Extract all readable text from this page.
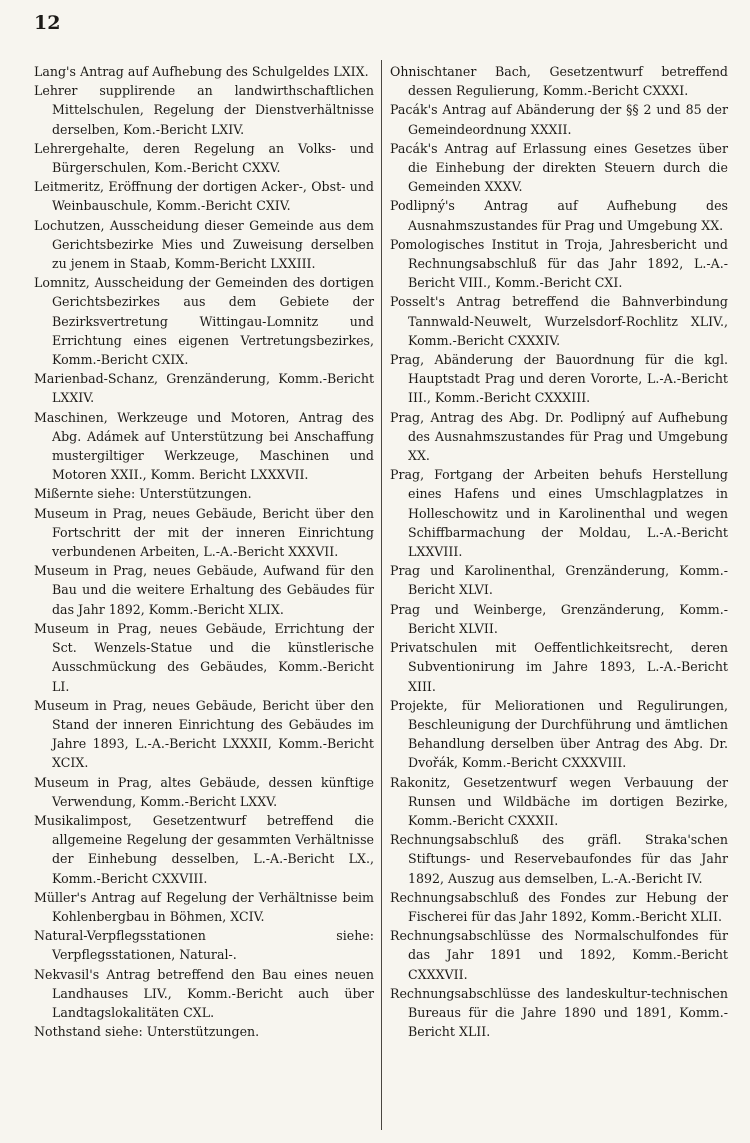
12

Lang's Antrag auf Aufhebung des Schulgeldes LXIX.

Lehrer supplirende an landwirthschaftlichen Mittelschulen, Regelung der Dienstverhältnisse derselben, Kom.-Bericht LXIV.

Lehrergehalte, deren Regelung an Volks- und Bürgerschulen, Kom.-Bericht CXXV.

Leitmeritz, Eröffnung der dortigen Acker-, Obst- und Weinbauschule, Komm.-Bericht CXIV.

Lochutzen, Ausscheidung dieser Gemeinde aus dem Gerichtsbezirke Mies und Zuweisung derselben zu jenem in Staab, Komm-Bericht LXXIII.

Lomnitz, Ausscheidung der Gemeinden des dortigen Gerichtsbezirkes aus dem Gebiete der Bezirksvertretung Wittingau-Lomnitz und Errichtung eines eigenen Vertretungsbezirkes, Komm.-Bericht CXIX.

Marienbad-Schanz, Grenzänderung, Komm.-Bericht LXXIV.

Maschinen, Werkzeuge und Motoren, Antrag des Abg. Adámek auf Unterstützung bei Anschaffung mustergiltiger Werkzeuge, Maschinen und Motoren XXII., Komm. Bericht LXXXVII.

Mißernte siehe: Unterstützungen.

Museum in Prag, neues Gebäude, Bericht über den Fortschritt der mit der inneren Einrichtung verbundenen Arbeiten, L.-A.-Bericht XXXVII.

Museum in Prag, neues Gebäude, Aufwand für den Bau und die weitere Erhaltung des Gebäudes für das Jahr 1892, Komm.-Bericht XLIX.

Museum in Prag, neues Gebäude, Errichtung der Sct. Wenzels-Statue und die künstlerische Ausschmückung des Gebäudes, Komm.-Bericht LI.

Museum in Prag, neues Gebäude, Bericht über den Stand der inneren Einrichtung des Gebäudes im Jahre 1893, L.-A.-Bericht LXXXII, Komm.-Bericht XCIX.

Museum in Prag, altes Gebäude, dessen künftige Verwendung, Komm.-Bericht LXXV.

Musikalimpost, Gesetzentwurf betreffend die allgemeine Regelung der gesammten Verhältnisse der Einhebung desselben, L.-A.-Bericht LX., Komm.-Bericht CXXVIII.

Müller's Antrag auf Regelung der Verhältnisse beim Kohlenbergbau in Böhmen, XCIV.

Natural-Verpflegsstationen siehe: Verpflegsstationen, Natural-.

Nekvasil's Antrag betreffend den Bau eines neuen Landhauses LIV., Komm.-Bericht auch über Landtagslokalitäten CXL.

Nothstand siehe: Unterstützungen.

Ohnischtaner Bach, Gesetzentwurf betreffend dessen Regulierung, Komm.-Bericht CXXXI.

Pacák's Antrag auf Abänderung der §§ 2 und 85 der Gemeindeordnung XXXII.

Pacák's Antrag auf Erlassung eines Gesetzes über die Einhebung der direkten Steuern durch die Gemeinden XXXV.

Podlipný's Antrag auf Aufhebung des Ausnahmszustandes für Prag und Umgebung XX.

Pomologisches Institut in Troja, Jahresbericht und Rechnungsabschluß für das Jahr 1892, L.-A.-Bericht VIII., Komm.-Bericht CXI.

Posselt's Antrag betreffend die Bahnverbindung Tannwald-Neuwelt, Wurzelsdorf-Rochlitz XLIV., Komm.-Bericht CXXXIV.

Prag, Abänderung der Bauordnung für die kgl. Hauptstadt Prag und deren Vororte, L.-A.-Bericht III., Komm.-Bericht CXXXIII.

Prag, Antrag des Abg. Dr. Podlipný auf Aufhebung des Ausnahmszustandes für Prag und Umgebung XX.

Prag, Fortgang der Arbeiten behufs Herstellung eines Hafens und eines Umschlagplatzes in Holleschowitz und in Karolinenthal und wegen Schiffbarmachung der Moldau, L.-A.-Bericht LXXVIII.

Prag und Karolinenthal, Grenzänderung, Komm.-Bericht XLVI.

Prag und Weinberge, Grenzänderung, Komm.-Bericht XLVII.

Privatschulen mit Oeffentlichkeitsrecht, deren Subventionirung im Jahre 1893, L.-A.-Bericht XIII.

Projekte, für Meliorationen und Regulirungen, Beschleunigung der Durchführung und ämtlichen Behandlung derselben über Antrag des Abg. Dr. Dvořák, Komm.-Bericht CXXXVIII.

Rakonitz, Gesetzentwurf wegen Verbauung der Runsen und Wildbäche im dortigen Bezirke, Komm.-Bericht CXXXII.

Rechnungsabschluß des gräfl. Straka'schen Stiftungs- und Reservebaufondes für das Jahr 1892, Auszug aus demselben, L.-A.-Bericht IV.

Rechnungsabschluß des Fondes zur Hebung der Fischerei für das Jahr 1892, Komm.-Bericht XLII.

Rechnungsabschlüsse des Normalschulfondes für das Jahr 1891 und 1892, Komm.-Bericht CXXXVII.

Rechnungsabschlüsse des landeskultur-technischen Bureaus für die Jahre 1890 und 1891, Komm.-Bericht XLII.
